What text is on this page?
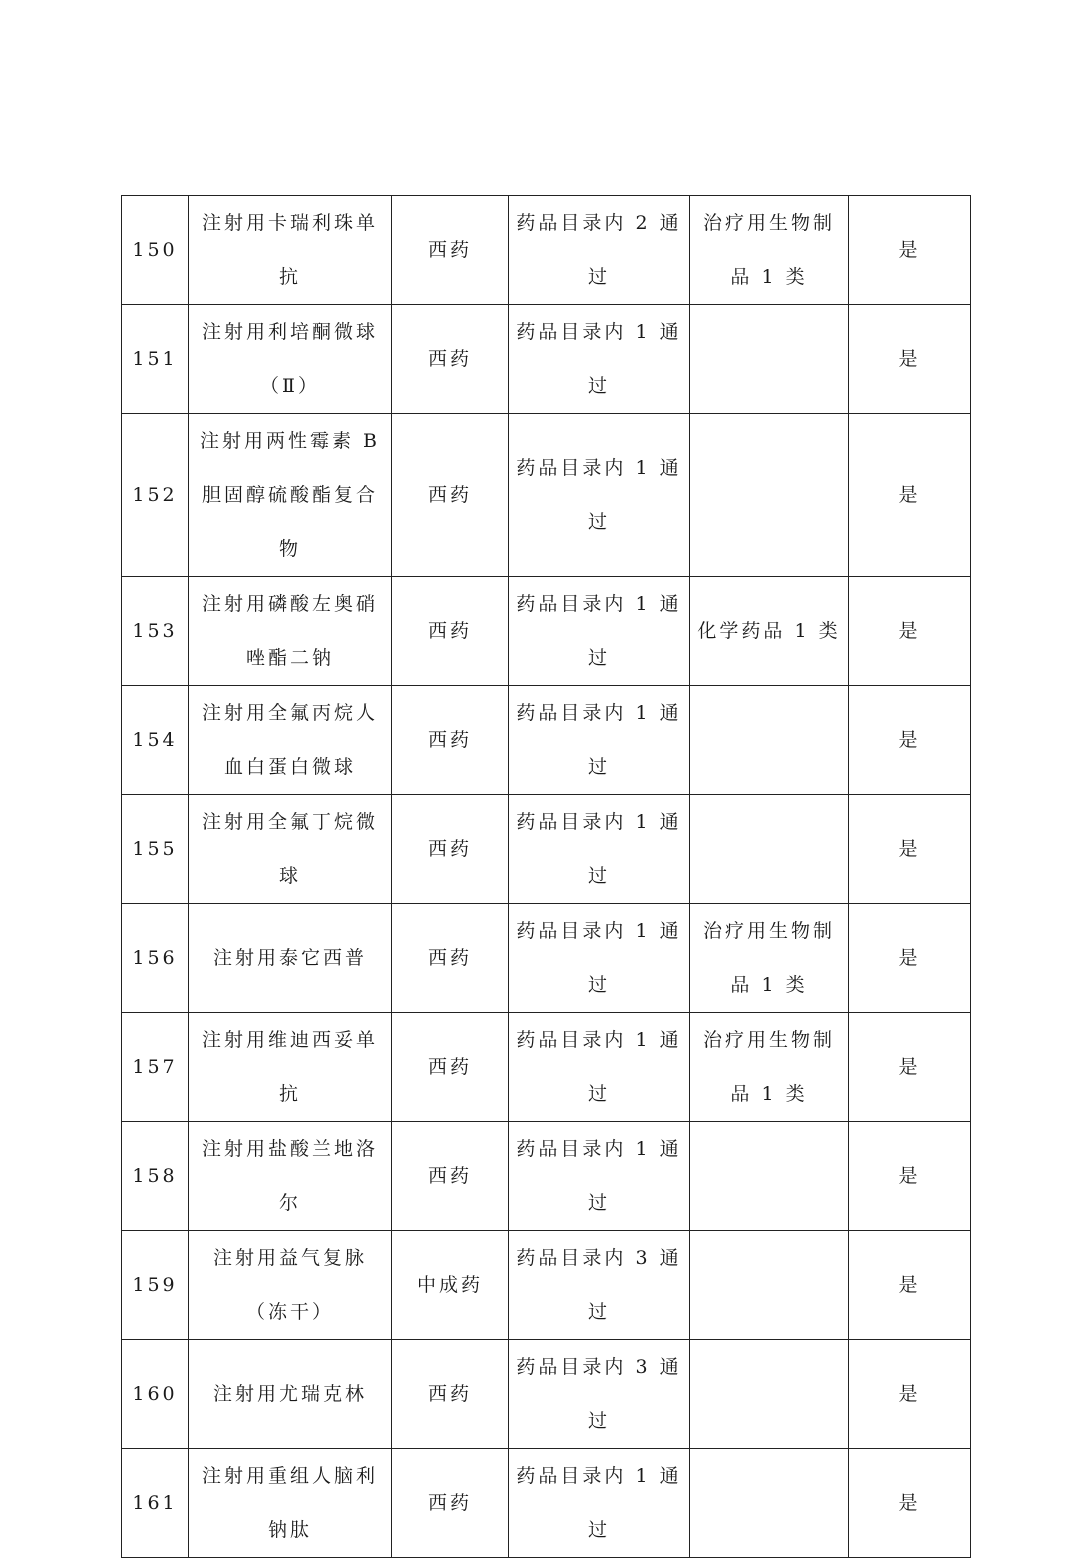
150	注射用卡瑞利珠单抗	西药	药品目录内 2 通过	治疗用生物制品 1 类	是
151	注射用利培酮微球（Ⅱ）	西药	药品目录内 1 通过		是
152	注射用两性霉素 B 胆固醇硫酸酯复合物	西药	药品目录内 1 通过		是
153	注射用磷酸左奥硝唑酯二钠	西药	药品目录内 1 通过	化学药品 1 类	是
154	注射用全氟丙烷人血白蛋白微球	西药	药品目录内 1 通过		是
155	注射用全氟丁烷微球	西药	药品目录内 1 通过		是
156	注射用泰它西普	西药	药品目录内 1 通过	治疗用生物制品 1 类	是
157	注射用维迪西妥单抗	西药	药品目录内 1 通过	治疗用生物制品 1 类	是
158	注射用盐酸兰地洛尔	西药	药品目录内 1 通过		是
159	注射用益气复脉（冻干）	中成药	药品目录内 3 通过		是
160	注射用尤瑞克林	西药	药品目录内 3 通过		是
161	注射用重组人脑利钠肽	西药	药品目录内 1 通过		是
